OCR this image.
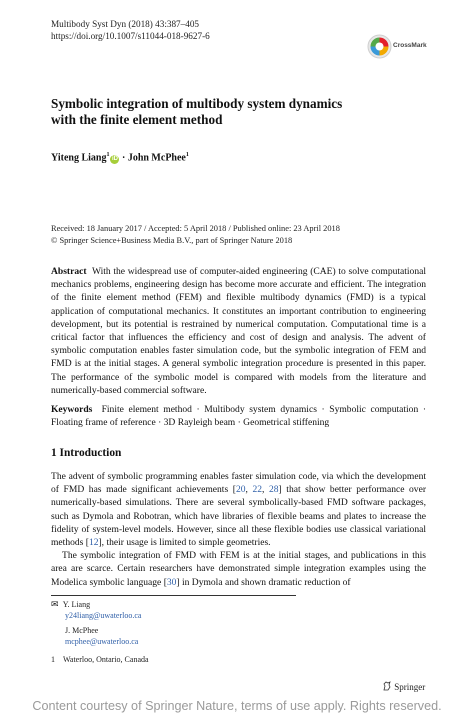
Multibody Syst Dyn (2018) 43:387–405
https://doi.org/10.1007/s11044-018-9627-6
CrossMark
Symbolic integration of multibody system dynamics
with the finite element method
Yiteng Liang$^1$iD · John McPhee$^1$
Received: 18 January 2017 / Accepted: 5 April 2018 / Published online: 23 April 2018
© Springer Science+Business Media B.V., part of Springer Nature 2018
Abstract With the widespread use of computer-aided engineering (CAE) to solve computational mechanics problems, engineering design has become more accurate and efficient. The integration of the finite element method (FEM) and flexible multibody dynamics (FMD) is a typical application of computational mechanics. It constitutes an important contribution to engineering development, but its potential is restrained by numerical computation. Computational time is a critical factor that influences the efficiency and cost of design and analysis. The advent of symbolic computation enables faster simulation code, but the symbolic integration of FEM and FMD is at the initial stages. A general symbolic integration procedure is presented in this paper. The performance of the symbolic model is compared with models from the literature and numerically-based commercial software.
Keywords Finite element method · Multibody system dynamics · Symbolic computation · Floating frame of reference · 3D Rayleigh beam · Geometrical stiffening
1 Introduction
The advent of symbolic programming enables faster simulation code, via which the development of FMD has made significant achievements [20, 22, 28] that show better performance over numerically-based simulations. There are several symbolically-based FMD software packages, such as Dymola and Robotran, which have libraries of flexible beams and plates to increase the fidelity of system-level models. However, since all these flexible bodies use classical variational methods [12], their usage is limited to simple geometries.
The symbolic integration of FMD with FEM is at the initial stages, and publications in this area are scarce. Certain researchers have demonstrated simple integration examples using the Modelica symbolic language [30] in Dymola and shown dramatic reduction of
✉ Y. Liang
y24liang@uwaterloo.ca
J. McPhee
mcphee@uwaterloo.ca
1 Waterloo, Ontario, Canada
Springer
Content courtesy of Springer Nature, terms of use apply. Rights reserved.
